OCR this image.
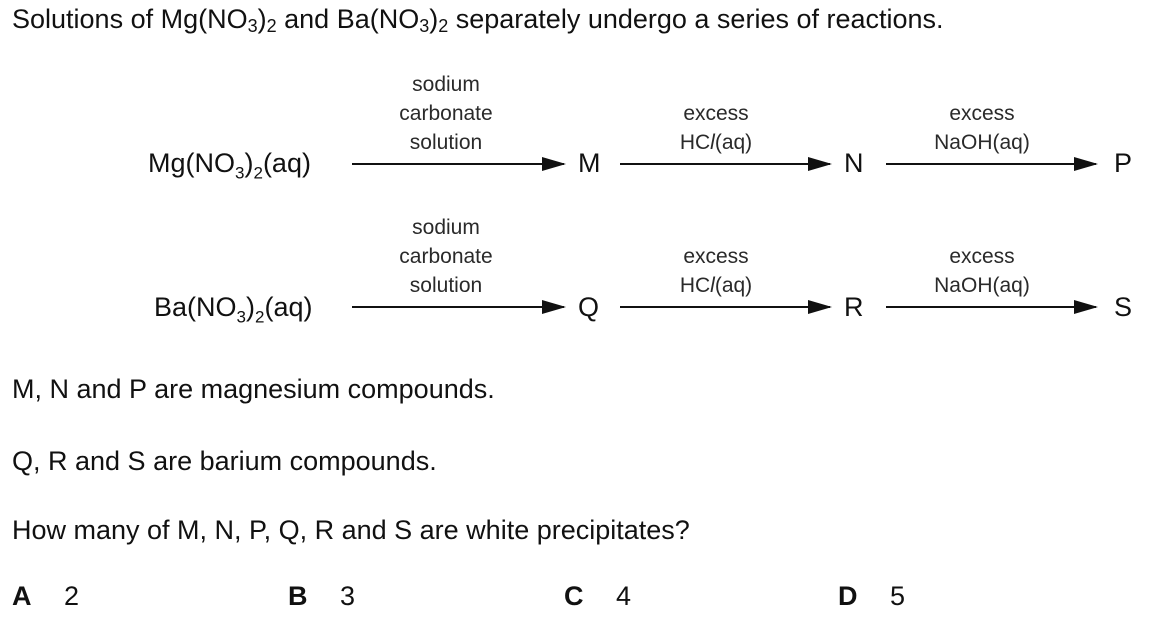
Solutions of $Mg(NO_3)_2$ and $Ba(NO_3)_2$ separately undergo a series of reactions.
sodium
carbonate
solution
excess
HCl(aq)
excess
NaOH(aq)
$Mg(NO_3)_2(aq)$	M	N	P
sodium
carbonate
solution
excess
HCl(aq)
excess
NaOH(aq)
$Ba(NO_3)_2(aq)$	Q	R	S
M, N and P are magnesium compounds.
Q, R and S are barium compounds.
How many of M, N, P, Q, R and S are white precipitates?
A 2	B 3	C 4	D 5
